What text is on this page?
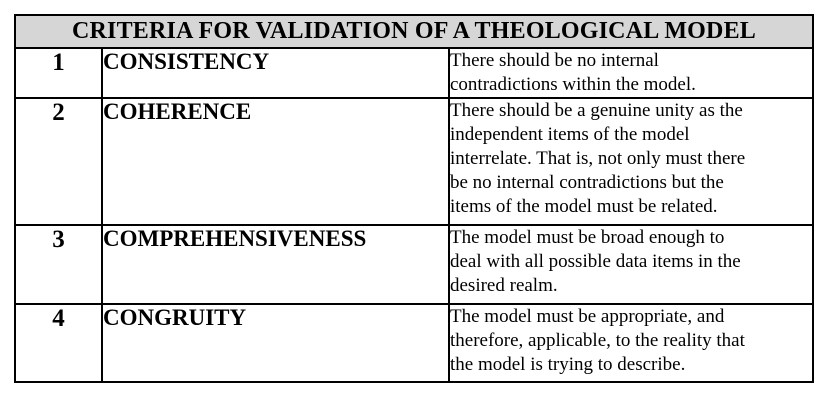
CRITERIA FOR VALIDATION OF A THEOLOGICAL MODEL		
1	CONSISTENCY	There should be no internal
contradictions within the model.

2	COHERENCE	There should be a genuine unity as the
independent items of the model
interrelate. That is, not only must there
be no internal contradictions but the
items of the model must be related.

3	COMPREHENSIVENESS	The model must be broad enough to
deal with all possible data items in the
desired realm.

4	CONGRUITY	The model must be appropriate, and
therefore, applicable, to the reality that
the model is trying to describe.
